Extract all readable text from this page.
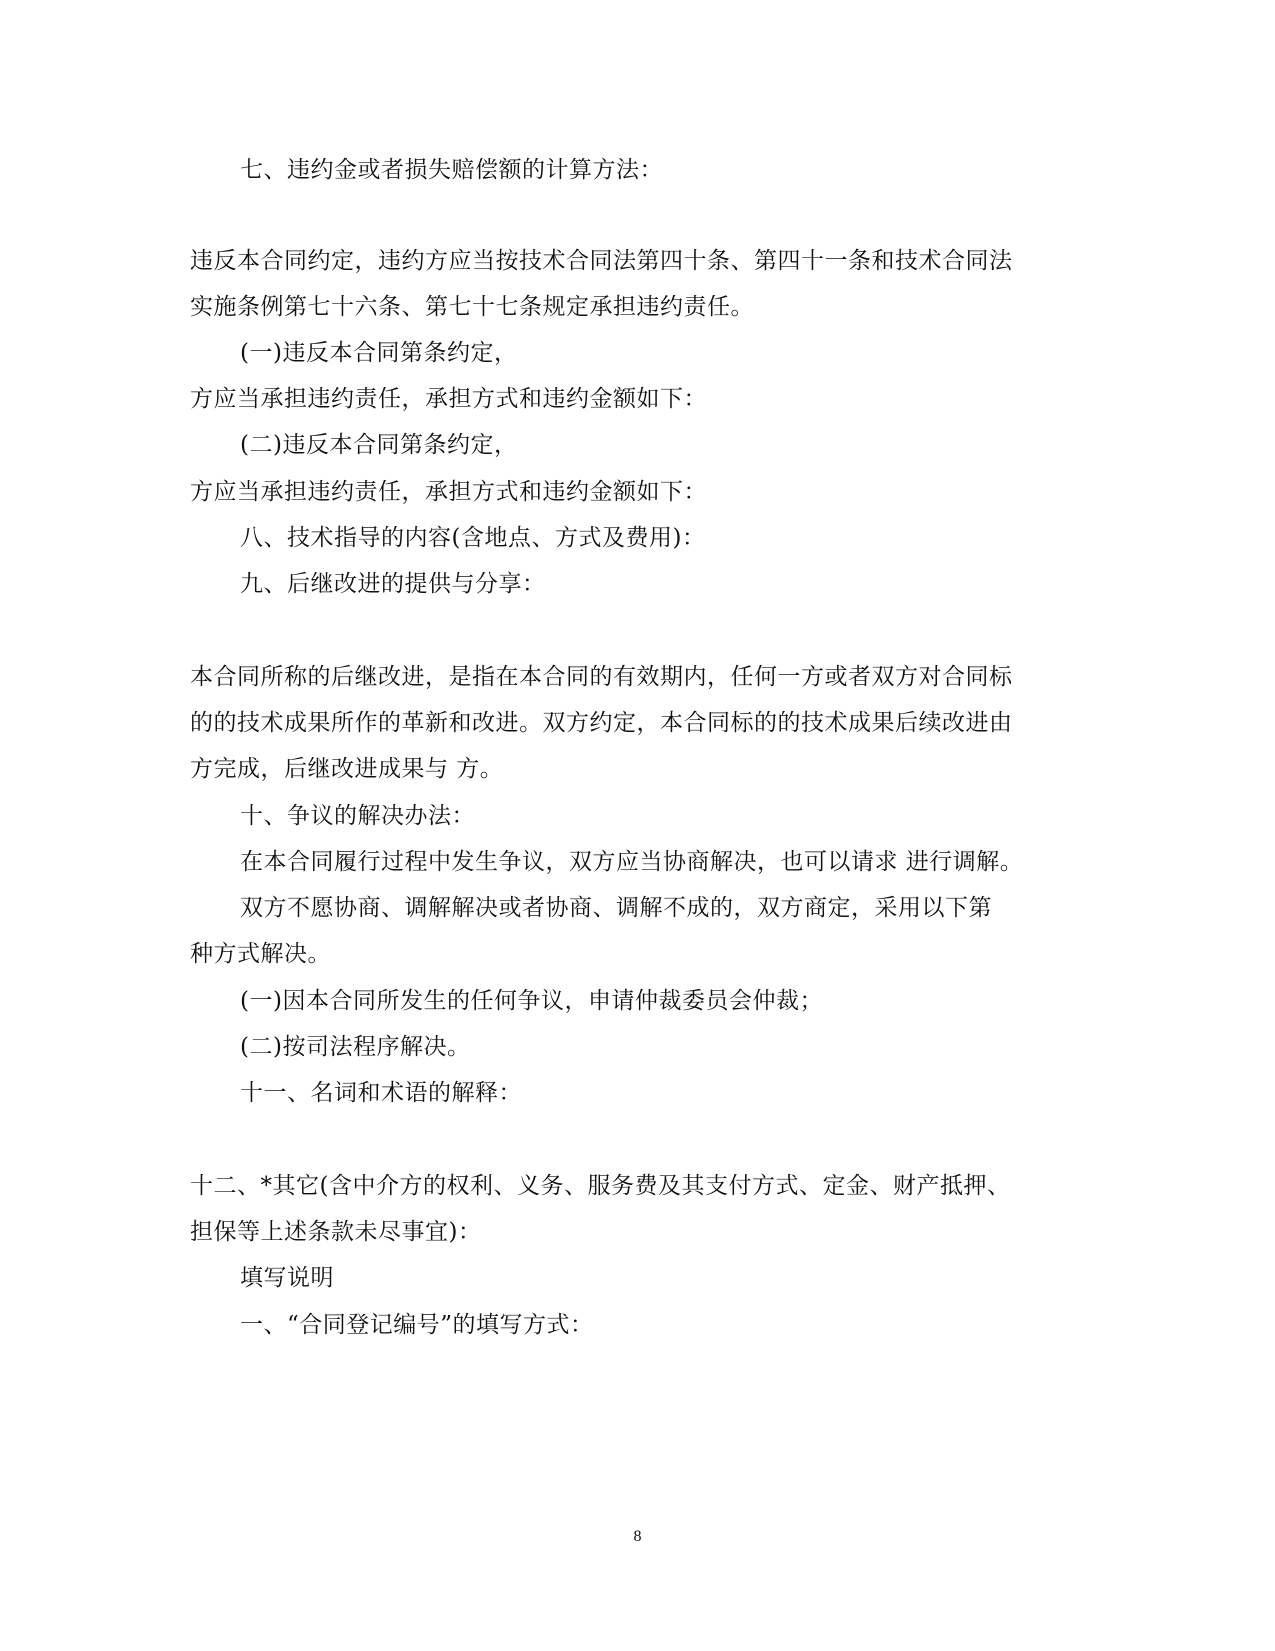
七、违约金或者损失赔偿额的计算方法：
违反本合同约定，违约方应当按技术合同法第四十条、第四十一条和技术合同法
实施条例第七十六条、第七十七条规定承担违约责任。
(一)违反本合同第条约定，
方应当承担违约责任，承担方式和违约金额如下：
(二)违反本合同第条约定，
方应当承担违约责任，承担方式和违约金额如下：
八、技术指导的内容(含地点、方式及费用)：
九、后继改进的提供与分享：
本合同所称的后继改进，是指在本合同的有效期内，任何一方或者双方对合同标
的的技术成果所作的革新和改进。双方约定，本合同标的的技术成果后续改进由
方完成，后继改进成果与 方。
十、争议的解决办法：
在本合同履行过程中发生争议，双方应当协商解决，也可以请求 进行调解。
双方不愿协商、调解解决或者协商、调解不成的，双方商定，采用以下第
种方式解决。
(一)因本合同所发生的任何争议，申请仲裁委员会仲裁；
(二)按司法程序解决。
十一、名词和术语的解释：
十二、*其它(含中介方的权利、义务、服务费及其支付方式、定金、财产抵押、
担保等上述条款未尽事宜)：
填写说明
一、“合同登记编号”的填写方式：
8
